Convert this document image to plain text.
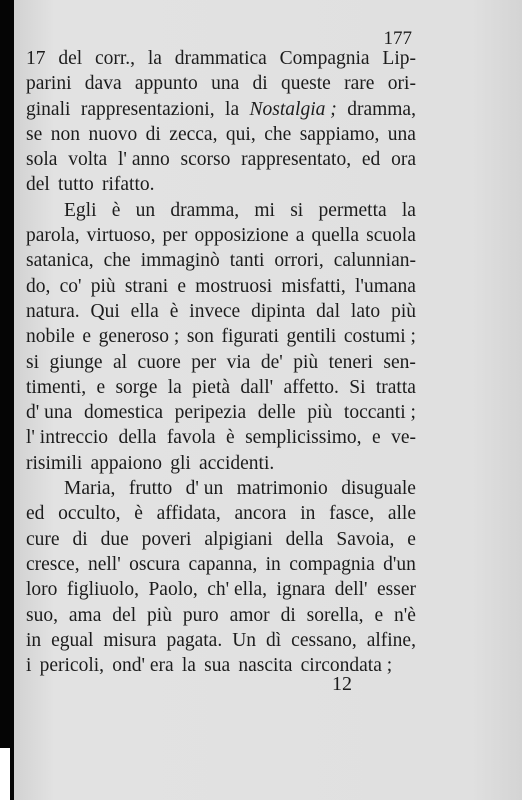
177
17 del corr., la drammatica Compagnia Lip-
parini dava appunto una di queste rare ori-
ginali rappresentazioni, la Nostalgia ; dramma,
se non nuovo di zecca, qui, che sappiamo, una
sola volta l' anno scorso rappresentato, ed ora
del tutto rifatto.
Egli è un dramma, mi si permetta la
parola, virtuoso, per opposizione a quella scuola
satanica, che immaginò tanti orrori, calunnian-
do, co' più strani e mostruosi misfatti, l'umana
natura. Qui ella è invece dipinta dal lato più
nobile e generoso ; son figurati gentili costumi ;
si giunge al cuore per via de' più teneri sen-
timenti, e sorge la pietà dall' affetto. Si tratta
d' una domestica peripezia delle più toccanti ;
l' intreccio della favola è semplicissimo, e ve-
risimili appaiono gli accidenti.
Maria, frutto d' un matrimonio disuguale
ed occulto, è affidata, ancora in fasce, alle
cure di due poveri alpigiani della Savoia, e
cresce, nell' oscura capanna, in compagnia d'un
loro figliuolo, Paolo, ch' ella, ignara dell' esser
suo, ama del più puro amor di sorella, e n'è
in egual misura pagata. Un dì cessano, alfine,
i pericoli, ond' era la sua nascita circondata ;
12
